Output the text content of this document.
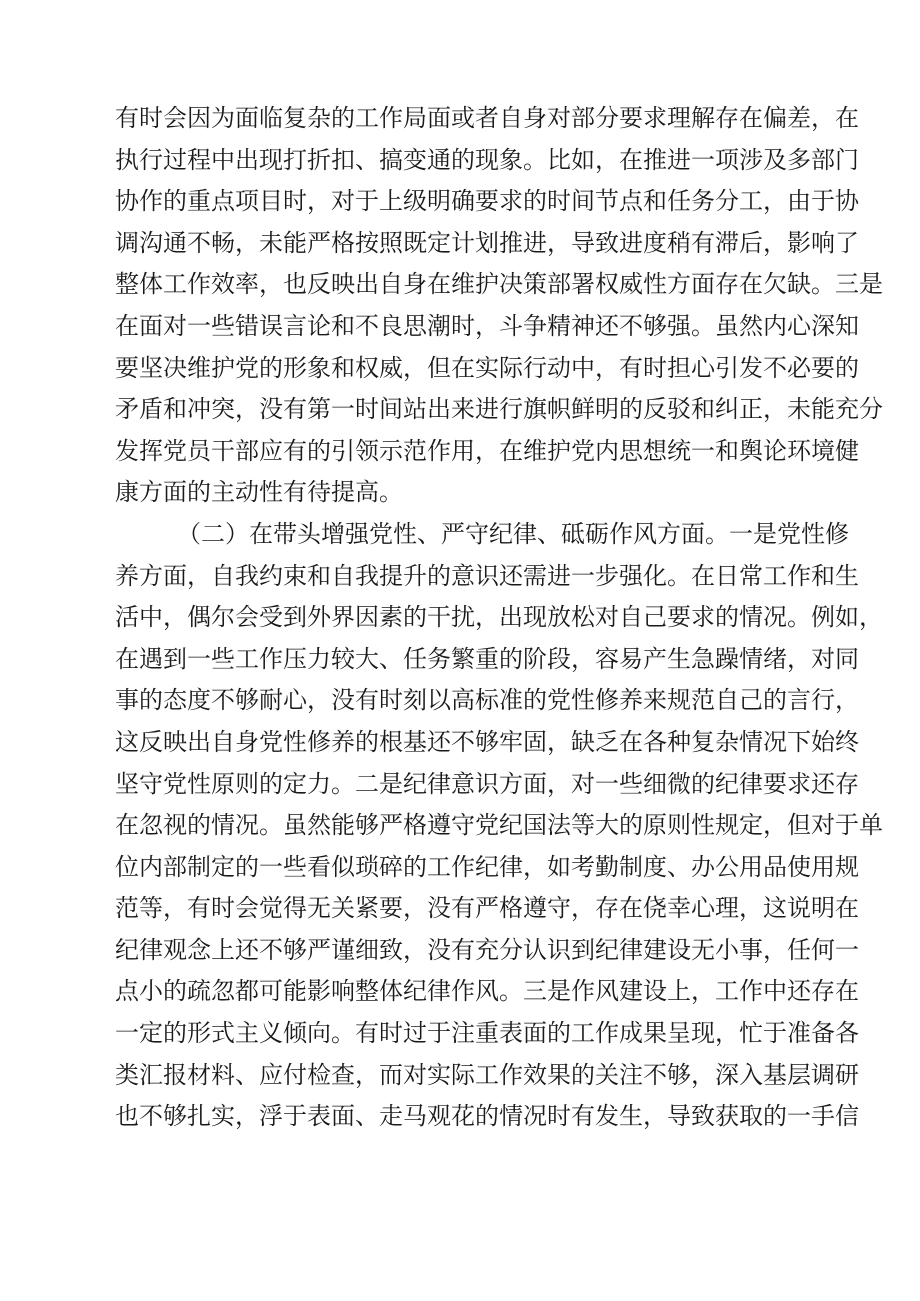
有时会因为面临复杂的工作局面或者自身对部分要求理解存在偏差，在
执行过程中出现打折扣、搞变通的现象。比如，在推进一项涉及多部门
协作的重点项目时，对于上级明确要求的时间节点和任务分工，由于协
调沟通不畅，未能严格按照既定计划推进，导致进度稍有滞后，影响了
整体工作效率，也反映出自身在维护决策部署权威性方面存在欠缺。三是
在面对一些错误言论和不良思潮时，斗争精神还不够强。虽然内心深知
要坚决维护党的形象和权威，但在实际行动中，有时担心引发不必要的
矛盾和冲突，没有第一时间站出来进行旗帜鲜明的反驳和纠正，未能充分
发挥党员干部应有的引领示范作用，在维护党内思想统一和舆论环境健
康方面的主动性有待提高。
（二）在带头增强党性、严守纪律、砥砺作风方面。一是党性修
养方面，自我约束和自我提升的意识还需进一步强化。在日常工作和生
活中，偶尔会受到外界因素的干扰，出现放松对自己要求的情况。例如，
在遇到一些工作压力较大、任务繁重的阶段，容易产生急躁情绪，对同
事的态度不够耐心，没有时刻以高标准的党性修养来规范自己的言行，
这反映出自身党性修养的根基还不够牢固，缺乏在各种复杂情况下始终
坚守党性原则的定力。二是纪律意识方面，对一些细微的纪律要求还存
在忽视的情况。虽然能够严格遵守党纪国法等大的原则性规定，但对于单
位内部制定的一些看似琐碎的工作纪律，如考勤制度、办公用品使用规
范等，有时会觉得无关紧要，没有严格遵守，存在侥幸心理，这说明在
纪律观念上还不够严谨细致，没有充分认识到纪律建设无小事，任何一
点小的疏忽都可能影响整体纪律作风。三是作风建设上，工作中还存在
一定的形式主义倾向。有时过于注重表面的工作成果呈现，忙于准备各
类汇报材料、应付检查，而对实际工作效果的关注不够，深入基层调研
也不够扎实，浮于表面、走马观花的情况时有发生，导致获取的一手信
